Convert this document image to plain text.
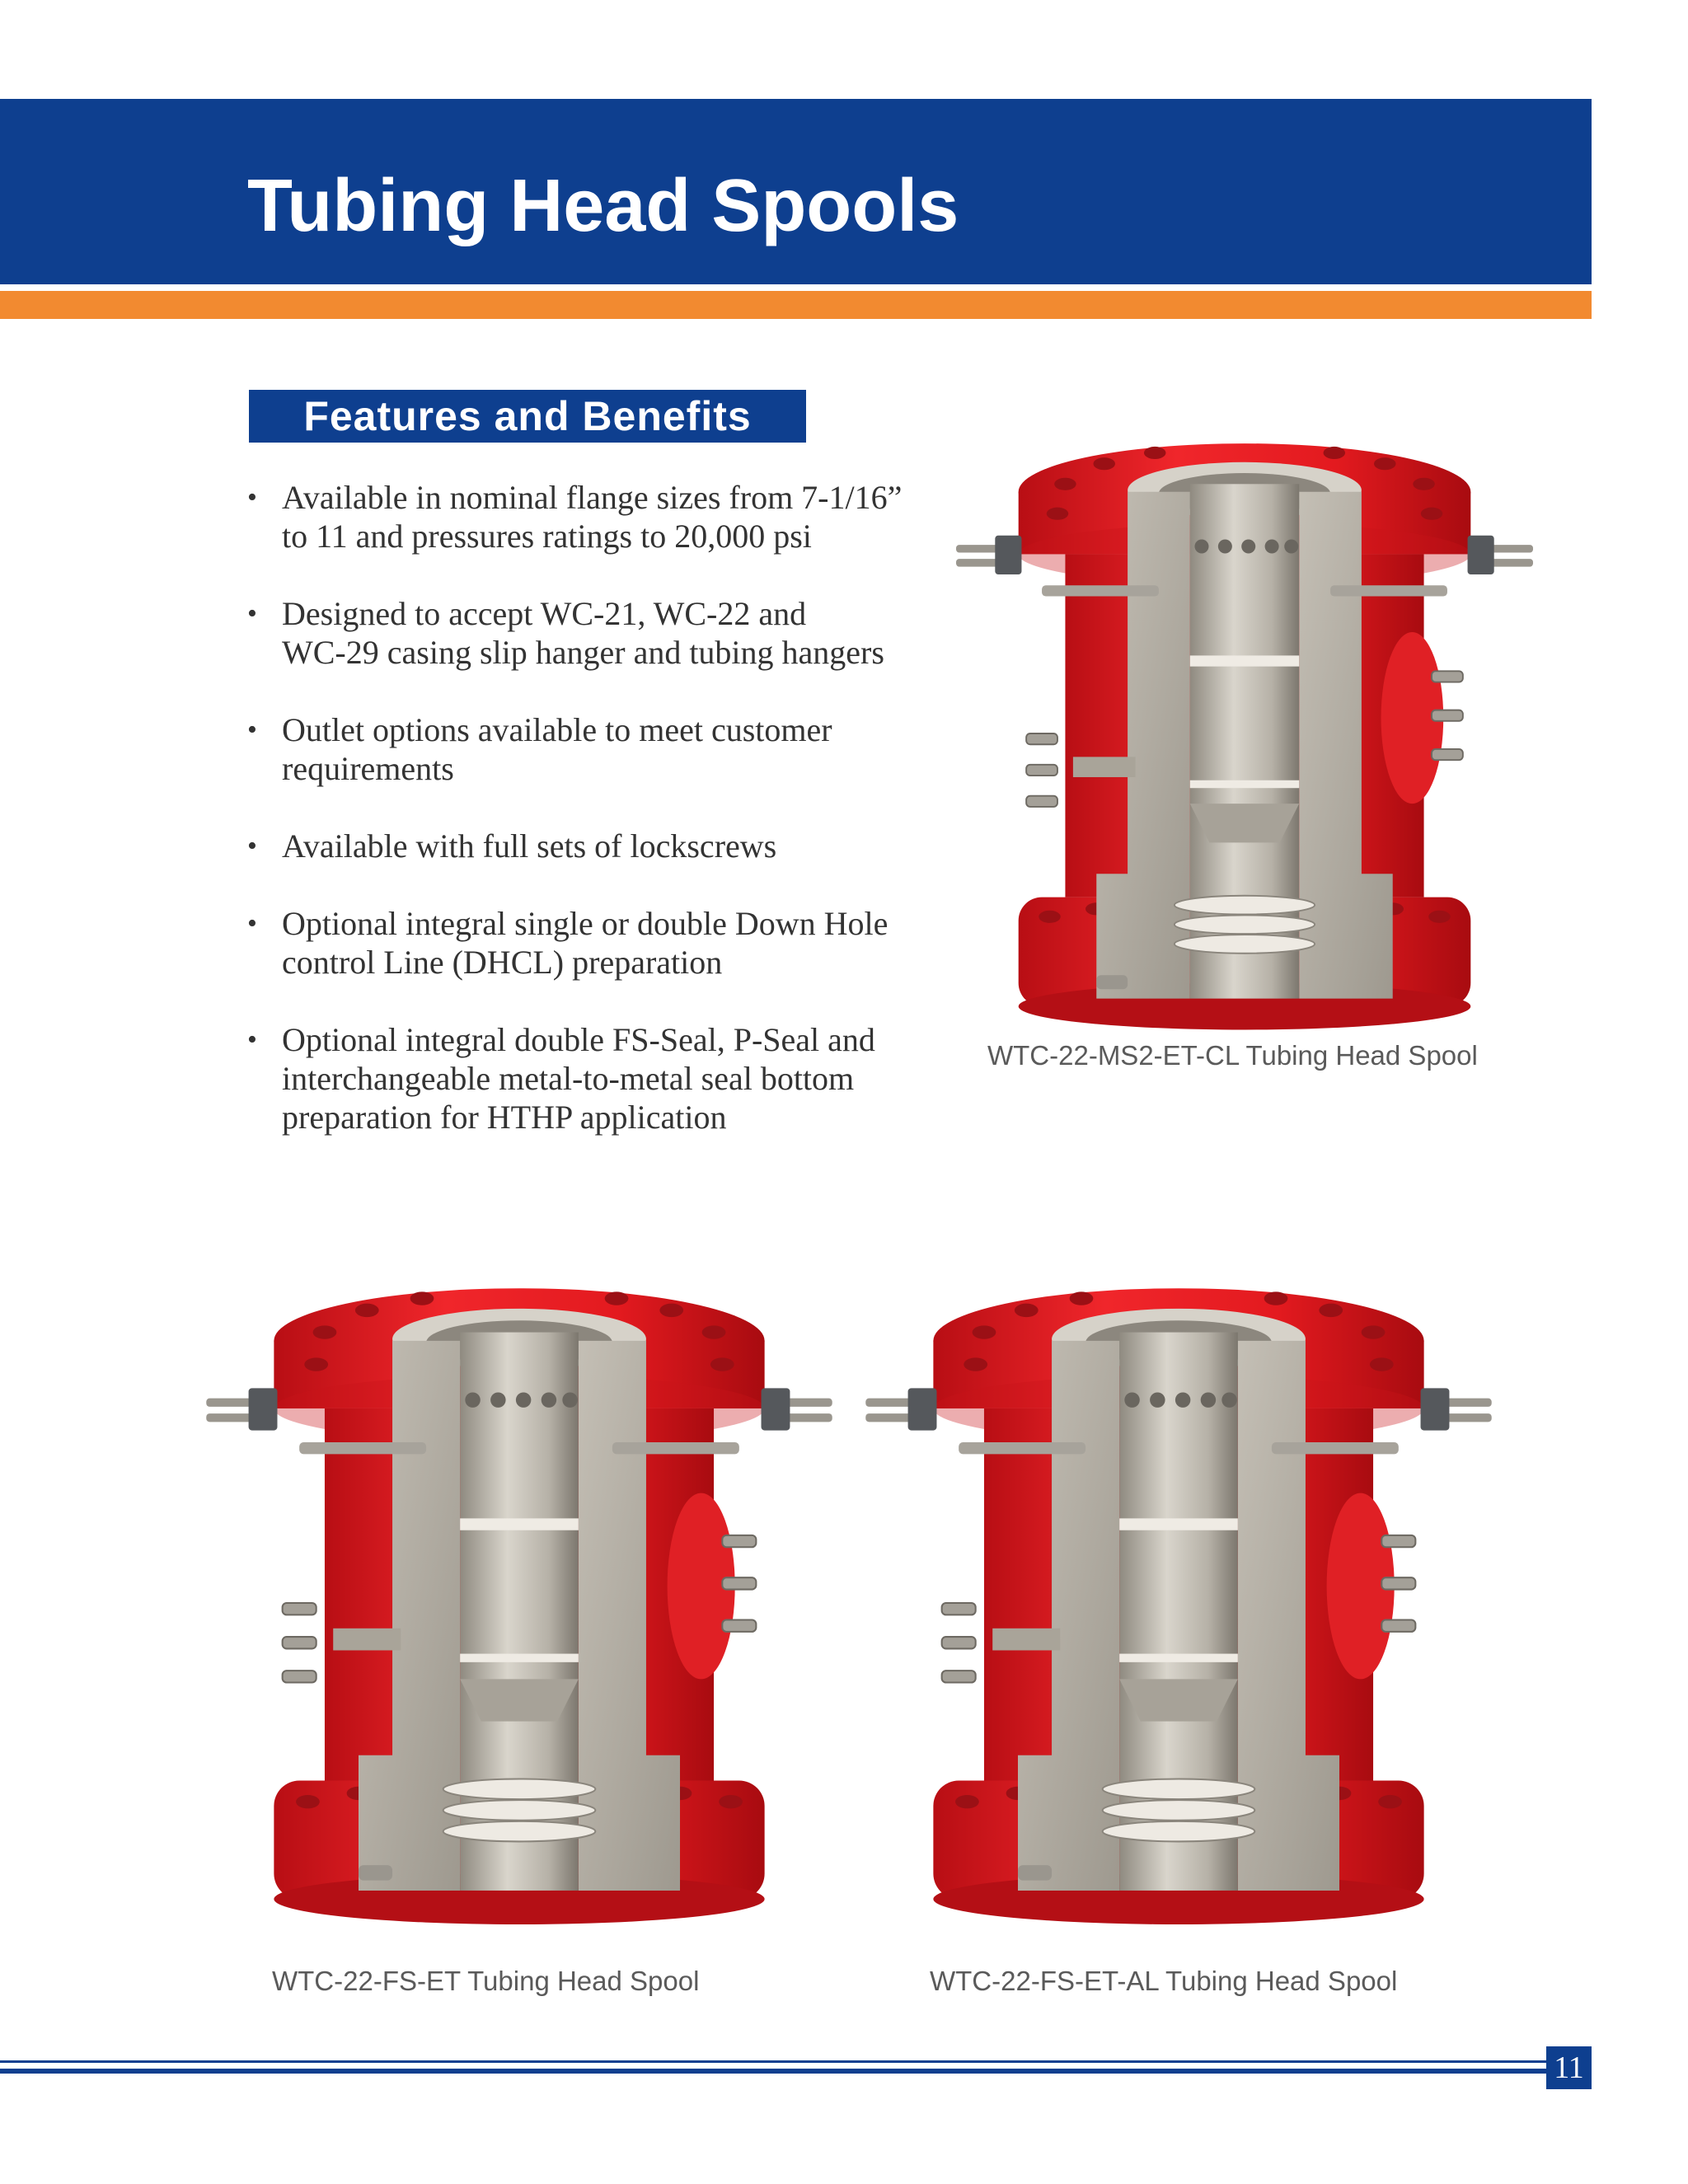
Tubing Head Spools
Features and Benefits
• Available in nominal flange sizes from 7-1/16”
to 11 and pressures ratings to 20,000 psi
• Designed to accept WC-21, WC-22 and
WC-29 casing slip hanger and tubing hangers
• Outlet options available to meet customer
requirements
• Available with full sets of lockscrews
• Optional integral single or double Down Hole
control Line (DHCL) preparation
• Optional integral double FS-Seal, P-Seal and
interchangeable metal-to-metal seal bottom
preparation for HTHP application
WTC-22-MS2-ET-CL Tubing Head Spool
WTC-22-FS-ET Tubing Head Spool	WTC-22-FS-ET-AL Tubing Head Spool
11
